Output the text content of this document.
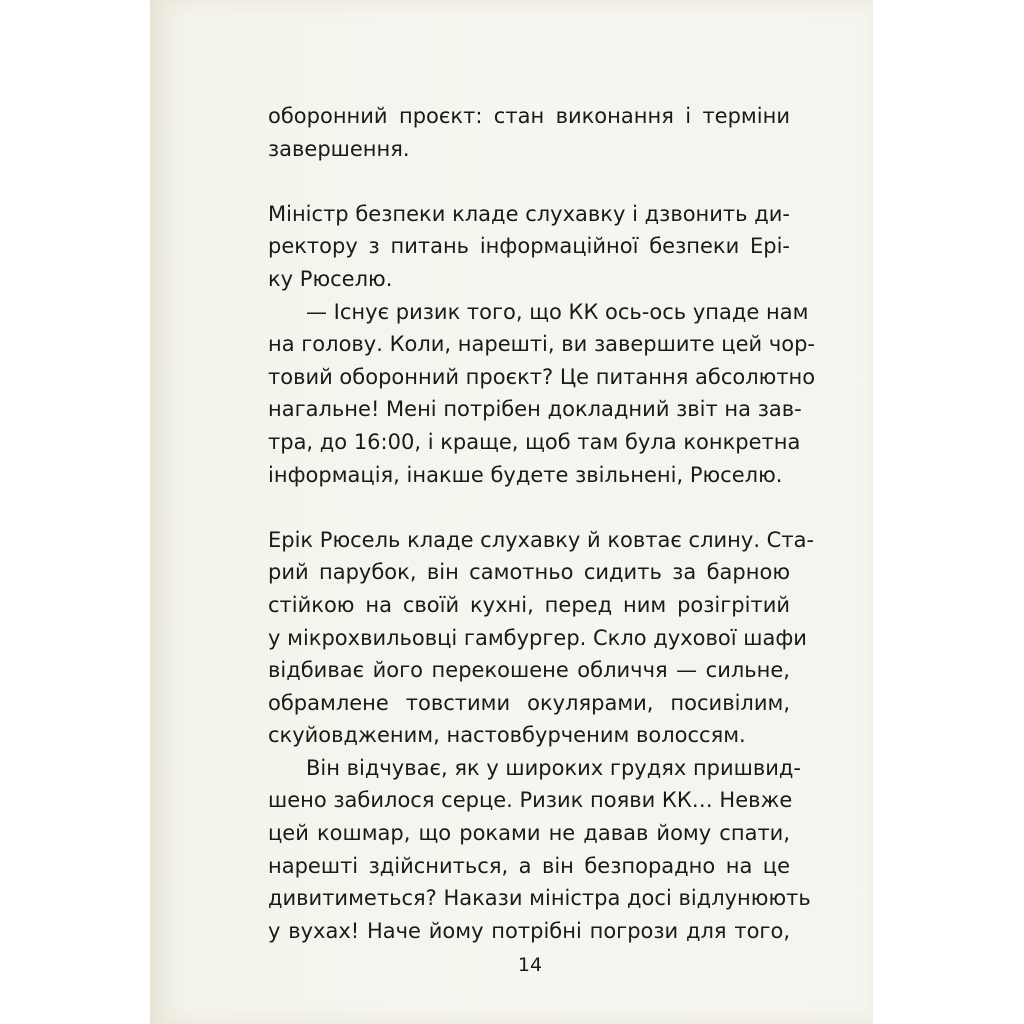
оборонний проєкт: стан виконання і терміни
завершення.
Міністр безпеки кладе слухавку і дзвонить ди-
ректору з питань інформаційної безпеки Ері-
ку Рюселю.
— Існує ризик того, що КК ось-ось упаде нам
на голову. Коли, нарешті, ви завершите цей чор-
товий оборонний проєкт? Це питання абсолютно
нагальне! Мені потрібен докладний звіт на зав-
тра, до 16:00, і краще, щоб там була конкретна
інформація, інакше будете звільнені, Рюселю.
Ерік Рюсель кладе слухавку й ковтає слину. Ста-
рий парубок, він самотньо сидить за барною
стійкою на своїй кухні, перед ним розігрітий
у мікрохвильовці гамбургер. Скло духової шафи
відбиває його перекошене обличчя — сильне,
обрамлене товстими окулярами, посивілим,
скуйовдженим, настовбурченим волоссям.
Він відчуває, як у широких грудях пришвид-
шено забилося серце. Ризик появи КК… Невже
цей кошмар, що роками не давав йому спати,
нарешті здійсниться, а він безпорадно на це
дивитиметься? Накази міністра досі відлунюють
у вухах! Наче йому потрібні погрози для того,
14
